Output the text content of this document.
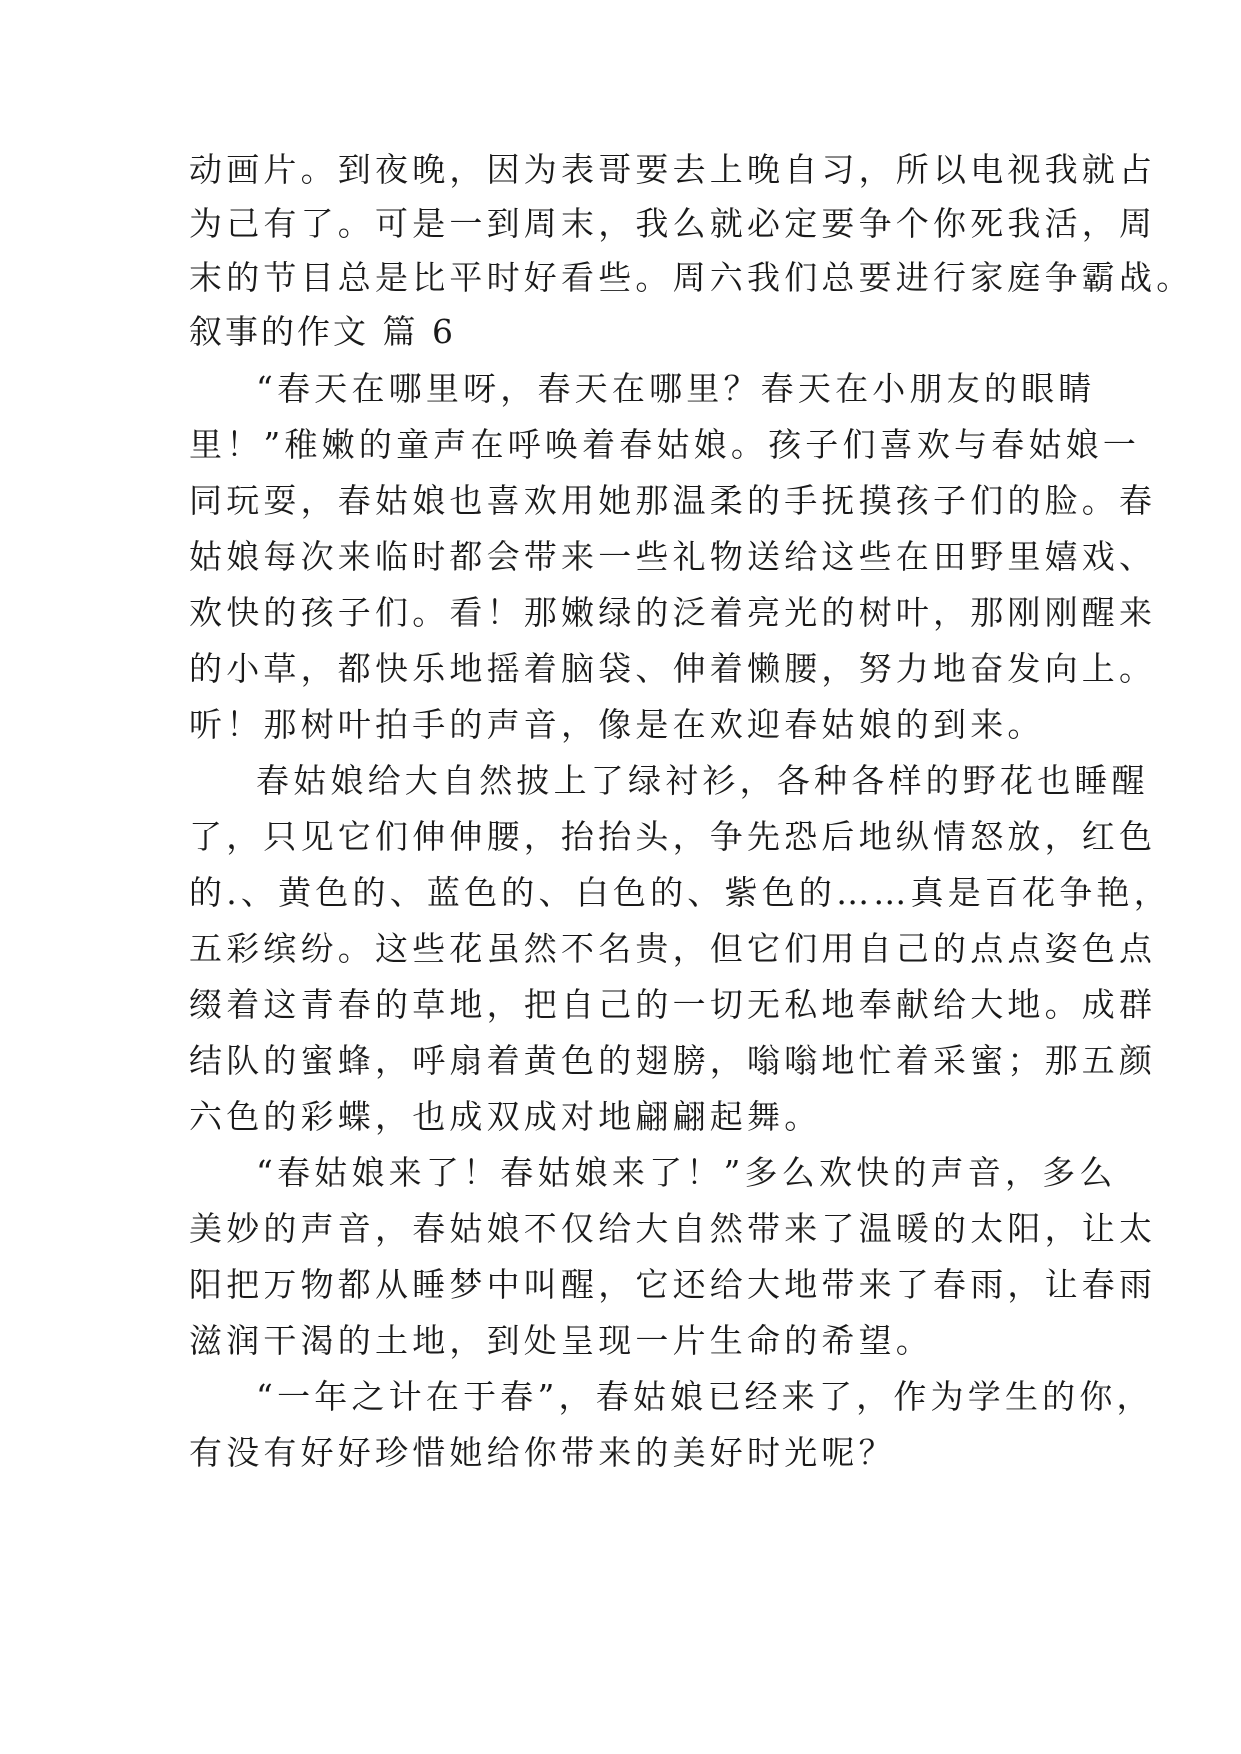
动画片。到夜晚，因为表哥要去上晚自习，所以电视我就占
为己有了。可是一到周末，我么就必定要争个你死我活，周
末的节目总是比平时好看些。周六我们总要进行家庭争霸战。
叙事的作文 篇 6
“春天在哪里呀，春天在哪里？春天在小朋友的眼睛
里！”稚嫩的童声在呼唤着春姑娘。孩子们喜欢与春姑娘一
同玩耍，春姑娘也喜欢用她那温柔的手抚摸孩子们的脸。春
姑娘每次来临时都会带来一些礼物送给这些在田野里嬉戏、
欢快的孩子们。看！那嫩绿的泛着亮光的树叶，那刚刚醒来
的小草，都快乐地摇着脑袋、伸着懒腰，努力地奋发向上。
听！那树叶拍手的声音，像是在欢迎春姑娘的到来。
春姑娘给大自然披上了绿衬衫，各种各样的野花也睡醒
了，只见它们伸伸腰，抬抬头，争先恐后地纵情怒放，红色
的.、黄色的、蓝色的、白色的、紫色的……真是百花争艳，
五彩缤纷。这些花虽然不名贵，但它们用自己的点点姿色点
缀着这青春的草地，把自己的一切无私地奉献给大地。成群
结队的蜜蜂，呼扇着黄色的翅膀，嗡嗡地忙着采蜜；那五颜
六色的彩蝶，也成双成对地翩翩起舞。
“春姑娘来了！春姑娘来了！”多么欢快的声音，多么
美妙的声音，春姑娘不仅给大自然带来了温暖的太阳，让太
阳把万物都从睡梦中叫醒，它还给大地带来了春雨，让春雨
滋润干渴的土地，到处呈现一片生命的希望。
“一年之计在于春”，春姑娘已经来了，作为学生的你，
有没有好好珍惜她给你带来的美好时光呢？
